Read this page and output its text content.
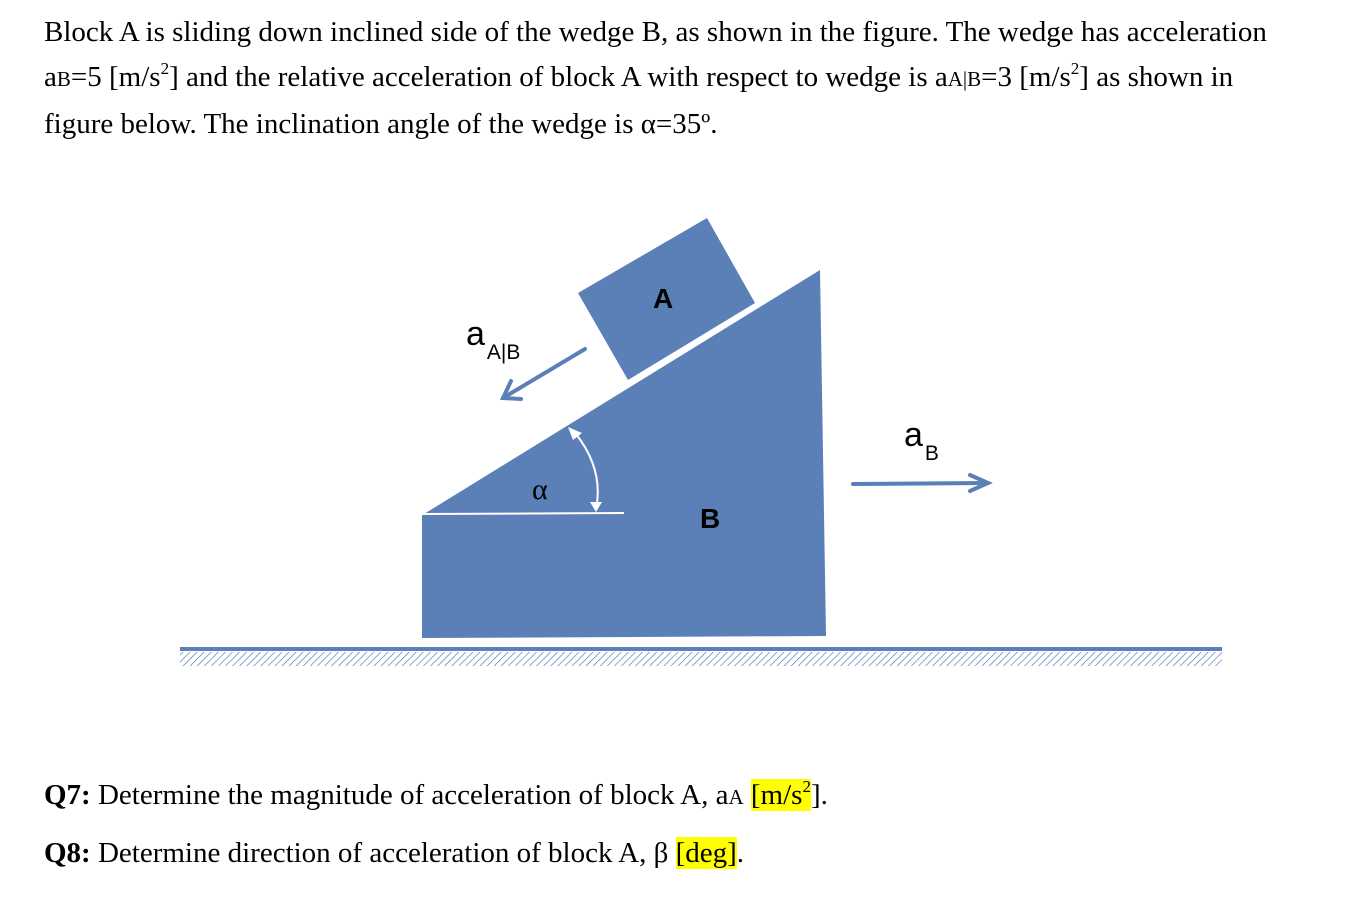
Block A is sliding down inclined side of the wedge B, as shown in the figure. The wedge has acceleration aB=5 $[m/s^2]$ and the relative acceleration of block A with respect to wedge is aA|B=3 $[m/s^2]$ as shown in figure below. The inclination angle of the wedge is α=35º.
$a_{A|B}$
$a_B$
α
A
B
Q7: Determine the magnitude of acceleration of block A, aA $[m/s^2]$.
Q8: Determine direction of acceleration of block A, β [deg].
